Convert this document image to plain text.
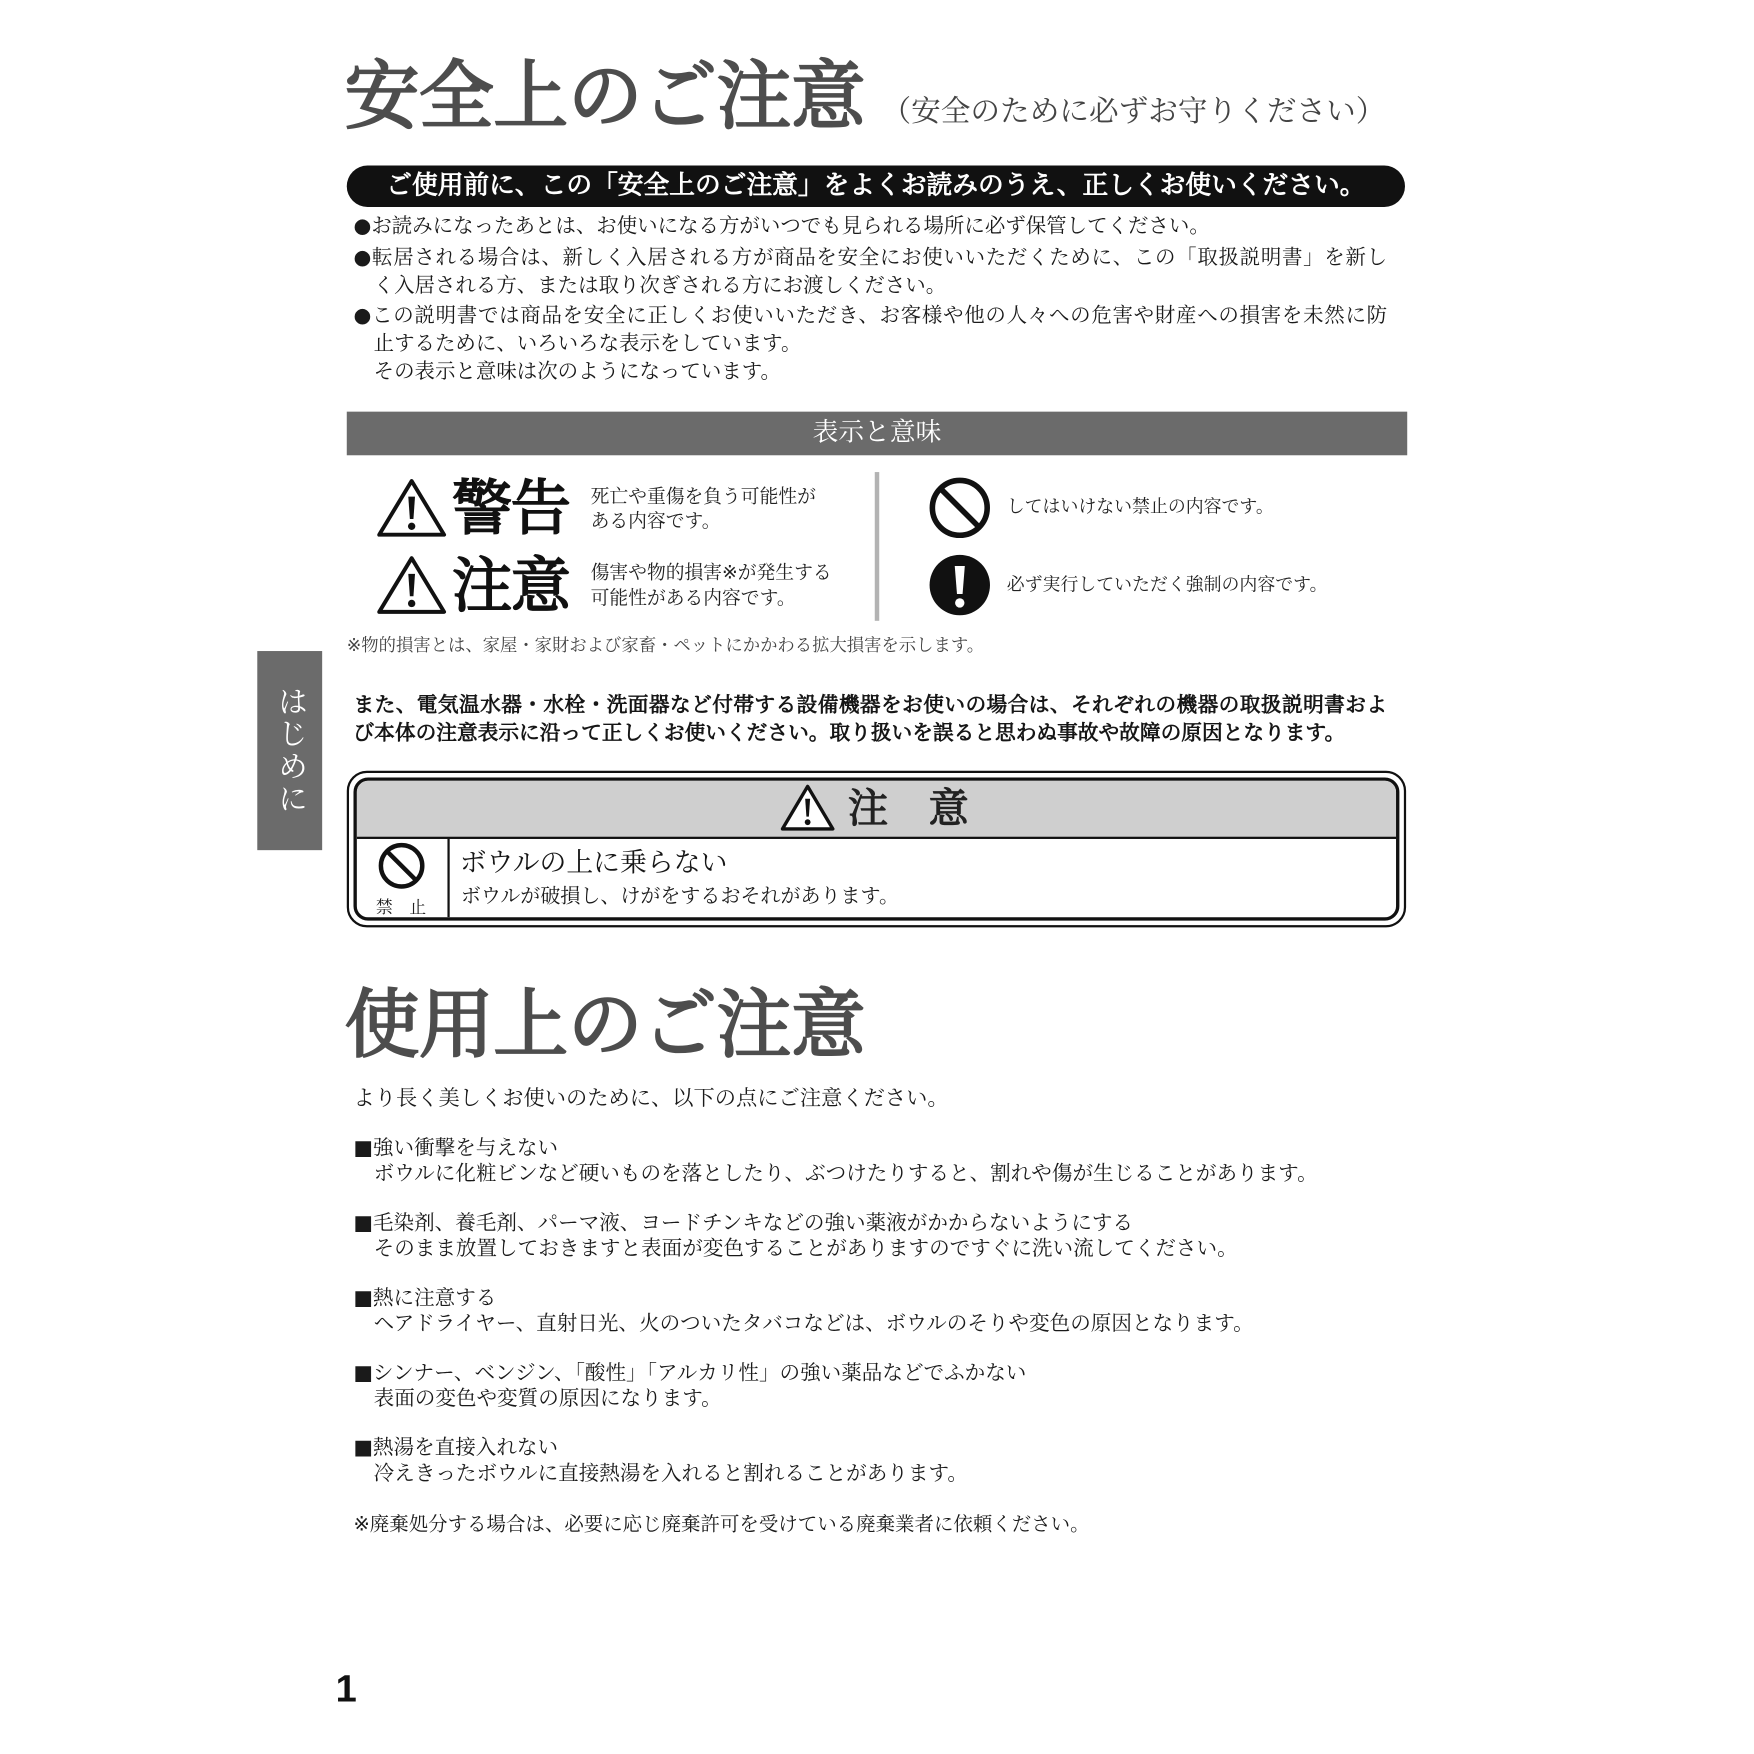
安全上のご注意 （安全のために必ずお守りください）
ご使用前に、この「安全上のご注意」をよくお読みのうえ、正しくお使いください。
●お読みになったあとは、お使いになる方がいつでも見られる場所に必ず保管してください。
●転居される場合は、新しく入居される方が商品を安全にお使いいただくために、この「取扱説明書」を新し
く入居される方、または取り次ぎされる方にお渡しください。
●この説明書では商品を安全に正しくお使いいただき、お客様や他の人々への危害や財産への損害を未然に防
止するために、いろいろな表示をしています。
その表示と意味は次のようになっています。
表示と意味
警告 死亡や重傷を負う可能性が
ある内容です。
注意 傷害や物的損害※が発生する
可能性がある内容です。
してはいけない禁止の内容です。
必ず実行していただく強制の内容です。
※物的損害とは、家屋・家財および家畜・ペットにかかわる拡大損害を示します。
はじめに	また、電気温水器・水栓・洗面器など付帯する設備機器をお使いの場合は、それぞれの機器の取扱説明書およ
び本体の注意表示に沿って正しくお使いください。取り扱いを誤ると思わぬ事故や故障の原因となります。
注　意
禁　止
ボウルの上に乗らない
ボウルが破損し、けがをするおそれがあります。
使用上のご注意
より長く美しくお使いのために、以下の点にご注意ください。
■強い衝撃を与えない
ボウルに化粧ビンなど硬いものを落としたり、ぶつけたりすると、割れや傷が生じることがあります。
■毛染剤、養毛剤、パーマ液、ヨードチンキなどの強い薬液がかからないようにする
そのまま放置しておきますと表面が変色することがありますのですぐに洗い流してください。
■熱に注意する
ヘアドライヤー、直射日光、火のついたタバコなどは、ボウルのそりや変色の原因となります。
■シンナー、ベンジン、「酸性」「アルカリ性」の強い薬品などでふかない
表面の変色や変質の原因になります。
■熱湯を直接入れない
冷えきったボウルに直接熱湯を入れると割れることがあります。
※廃棄処分する場合は、必要に応じ廃棄許可を受けている廃棄業者に依頼ください。
1
